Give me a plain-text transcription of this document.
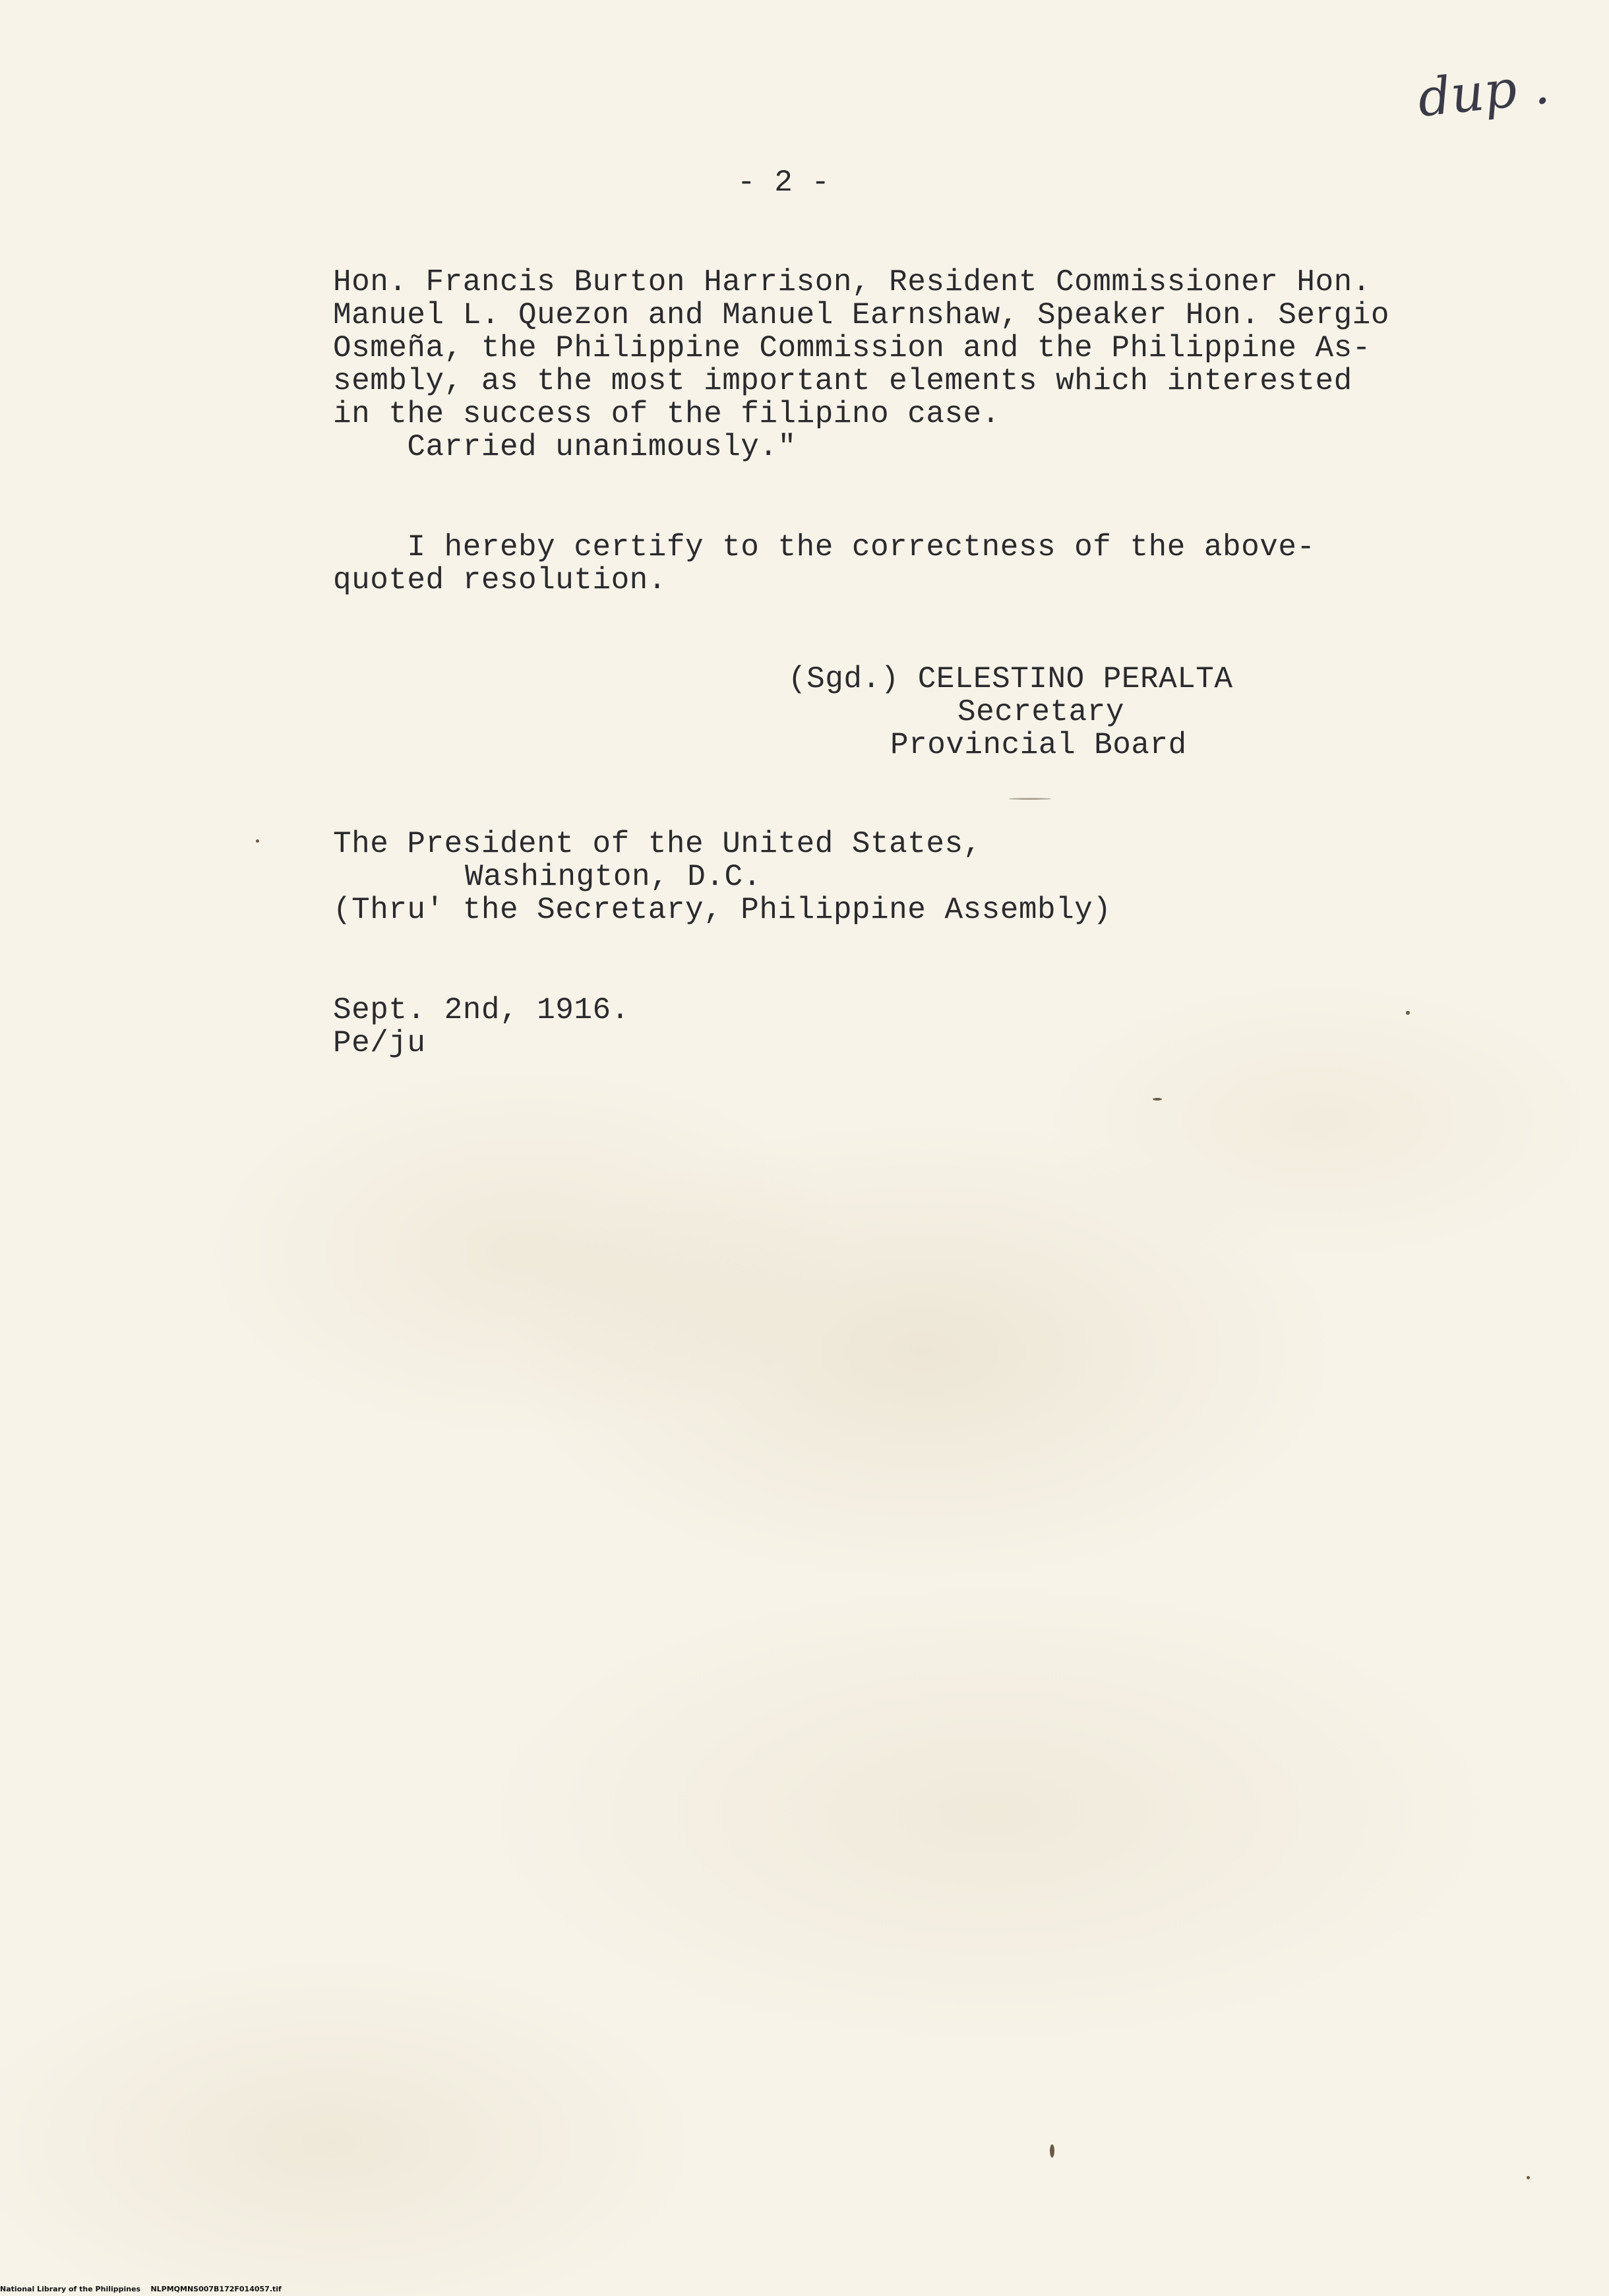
dup .
- 2 -
Hon. Francis Burton Harrison, Resident Commissioner Hon.
Manuel L. Quezon and Manuel Earnshaw, Speaker Hon. Sergio
Osmeña, the Philippine Commission and the Philippine As-
sembly, as the most important elements which interested
in the success of the filipino case.
Carried unanimously."
I hereby certify to the correctness of the above-
quoted resolution.
(Sgd.) CELESTINO PERALTA
Secretary
Provincial Board
The President of the United States,
Washington, D.C.
(Thru' the Secretary, Philippine Assembly)
Sept. 2nd, 1916.
Pe/ju
National Library of the Philippines NLPMQMNS007B172F014057.tif
